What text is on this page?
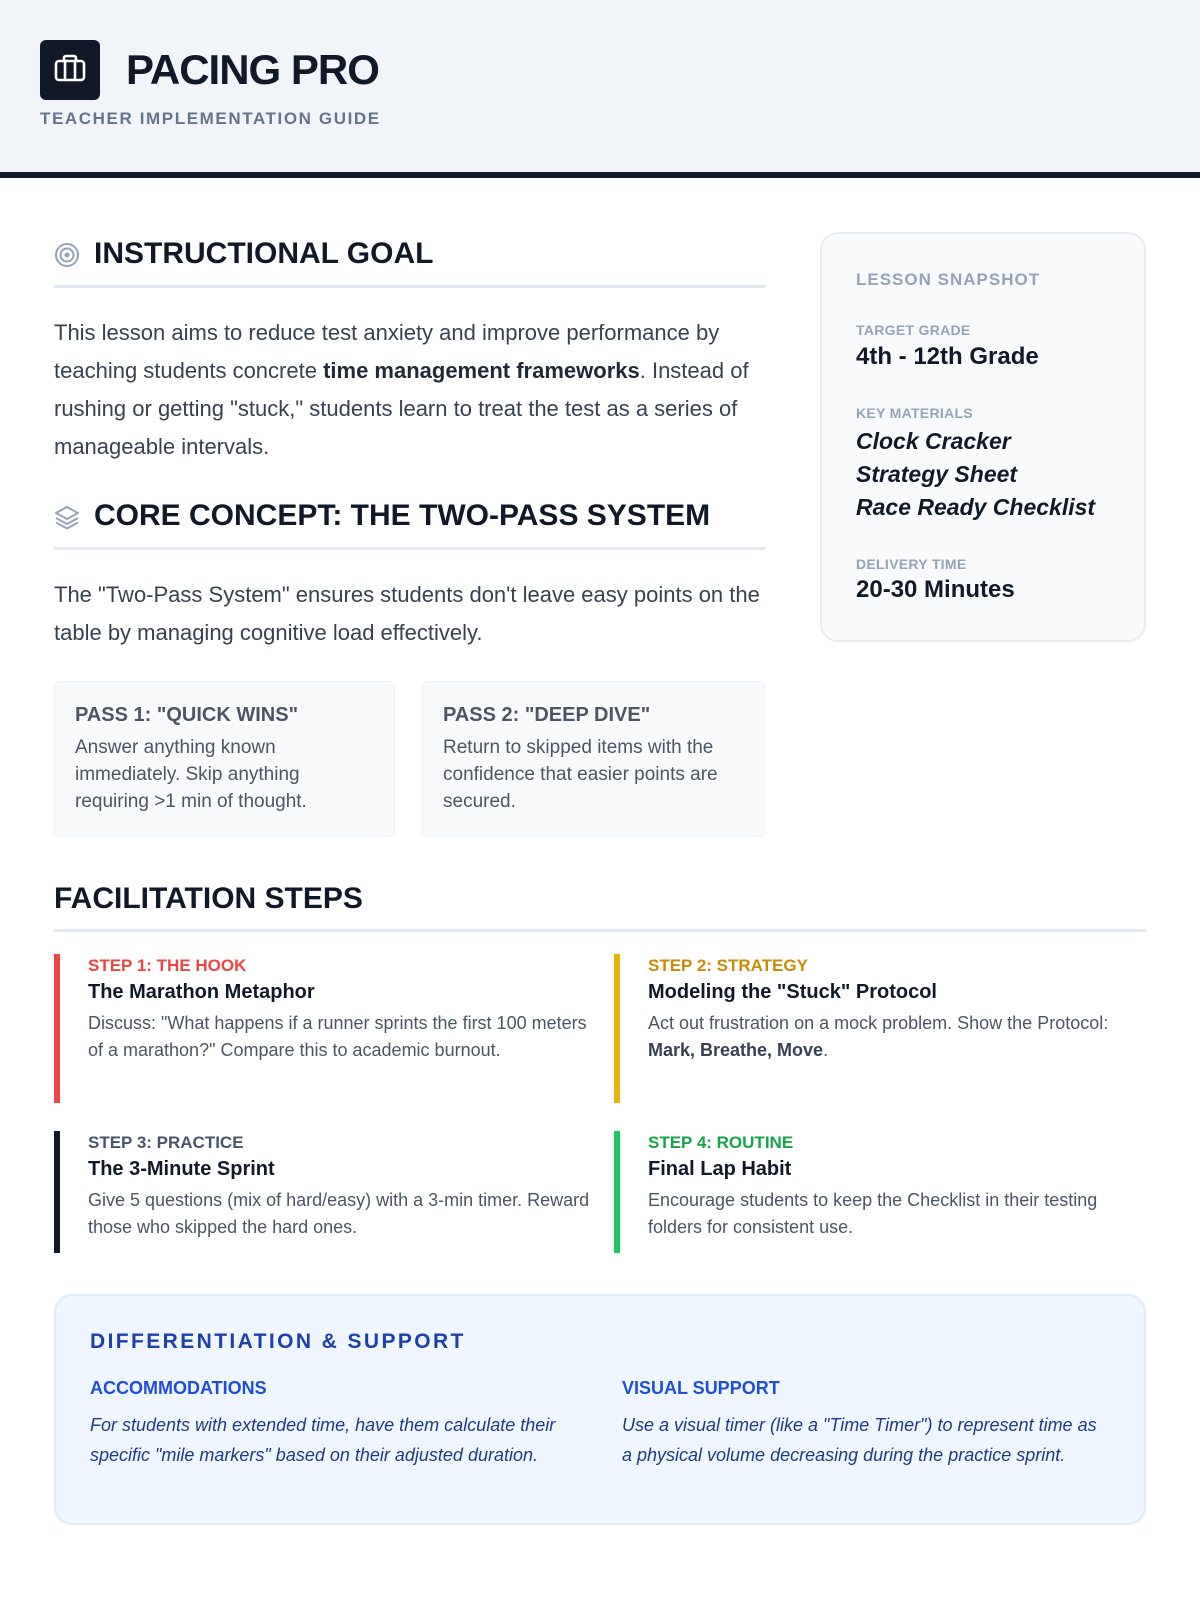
PACING PRO
TEACHER IMPLEMENTATION GUIDE
INSTRUCTIONAL GOAL

This lesson aims to reduce test anxiety and improve performance by teaching students concrete time management frameworks. Instead of rushing or getting "stuck," students learn to treat the test as a series of manageable intervals.

CORE CONCEPT: THE TWO-PASS SYSTEM

The "Two-Pass System" ensures students don't leave easy points on the table by managing cognitive load effectively.

PASS 1: "QUICK WINS"
Answer anything known immediately. Skip anything requiring >1 min of thought.
PASS 2: "DEEP DIVE"
Return to skipped items with the confidence that easier points are secured.
LESSON SNAPSHOT
TARGET GRADE
4th - 12th Grade
KEY MATERIALS
Clock Cracker
Strategy Sheet
Race Ready Checklist
DELIVERY TIME
20-30 Minutes
FACILITATION STEPS
STEP 1: THE HOOK
The Marathon Metaphor
Discuss: "What happens if a runner sprints the first 100 meters of a marathon?" Compare this to academic burnout.
STEP 2: STRATEGY
Modeling the "Stuck" Protocol
Act out frustration on a mock problem. Show the Protocol: Mark, Breathe, Move.
STEP 3: PRACTICE
The 3-Minute Sprint
Give 5 questions (mix of hard/easy) with a 3-min timer. Reward those who skipped the hard ones.
STEP 4: ROUTINE
Final Lap Habit
Encourage students to keep the Checklist in their testing folders for consistent use.
DIFFERENTIATION & SUPPORT
ACCOMMODATIONS
For students with extended time, have them calculate their specific "mile markers" based on their adjusted duration.
VISUAL SUPPORT
Use a visual timer (like a "Time Timer") to represent time as a physical volume decreasing during the practice sprint.
